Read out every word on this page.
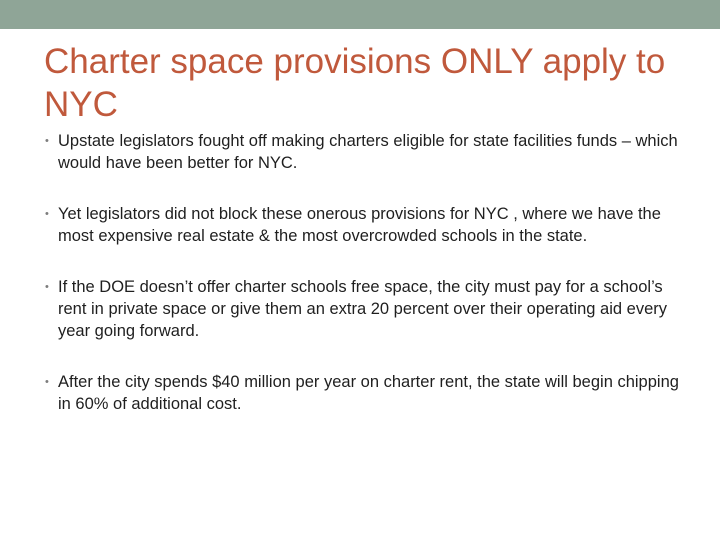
Charter space provisions ONLY apply to NYC
• Upstate legislators fought off making charters eligible for state facilities funds – which would have been better for NYC.
• Yet legislators did not block these onerous provisions for NYC , where we have the most expensive real estate & the most overcrowded schools in the state.
• If the DOE doesn’t offer charter schools free space, the city must pay for a school’s rent in private space or give them an extra 20 percent over their operating aid every year going forward.
• After the city spends $40 million per year on charter rent, the state will begin chipping in 60% of additional cost.
